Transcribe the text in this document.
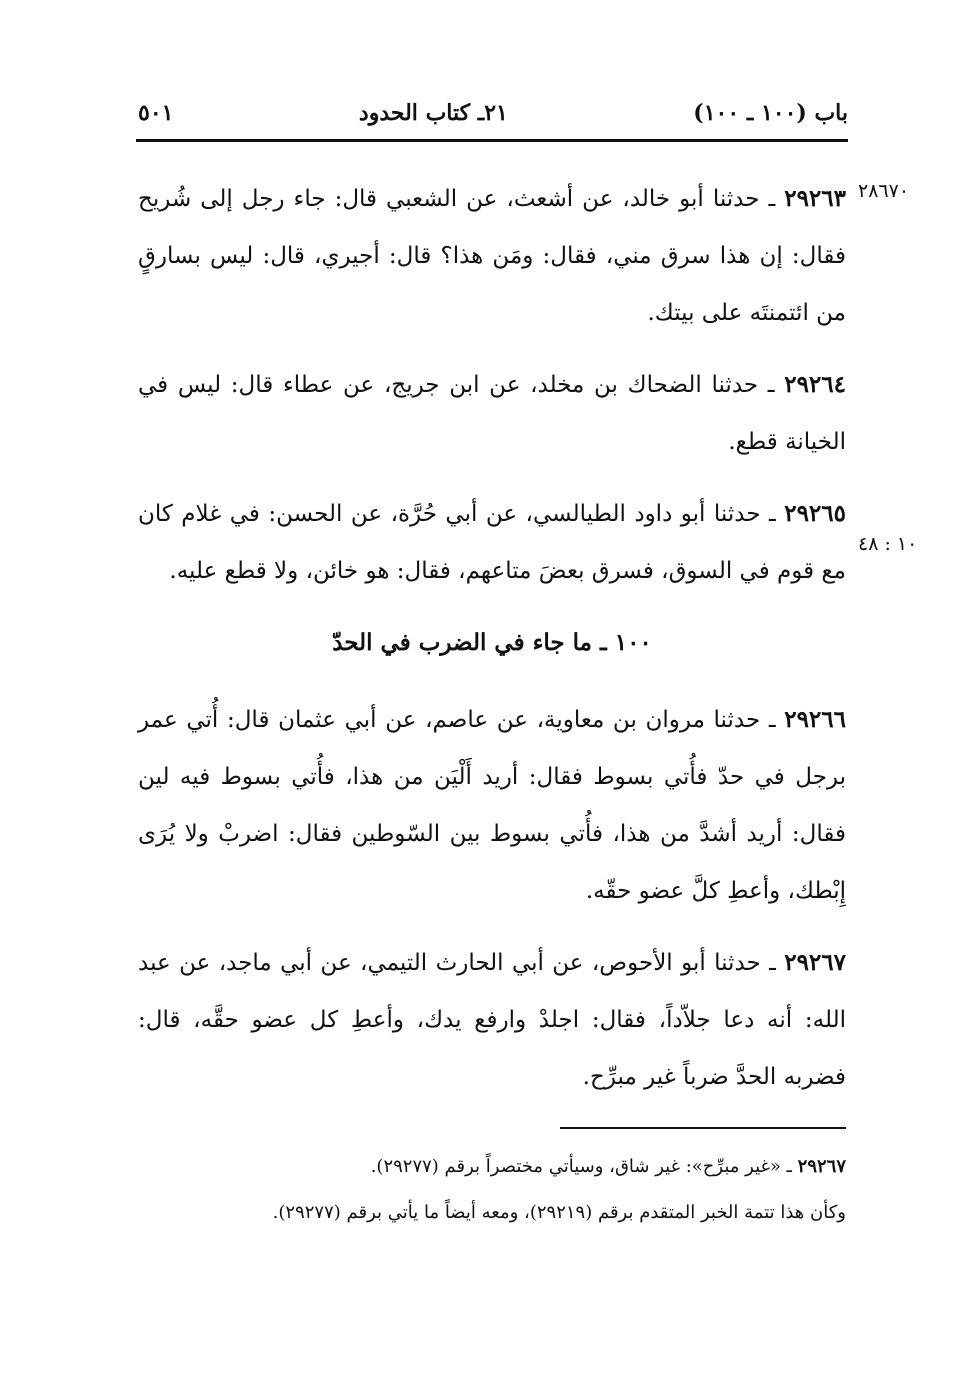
باب (١٠٠ ـ ١٠٠)
٢١ـ كتاب الحدود
٥٠١
٢٨٦٧٠
١٠ : ٤٨

٢٩٢٦٣ ـ حدثنا أبو خالد، عن أشعث، عن الشعبي قال: جاء رجل إلى شُريح فقال: إن هذا سرق مني، فقال: ومَن هذا؟ قال: أجيري، قال: ليس بسارقٍ من ائتمنتَه على بيتك.

٢٩٢٦٤ ـ حدثنا الضحاك بن مخلد، عن ابن جريج، عن عطاء قال: ليس في الخيانة قطع.

٢٩٢٦٥ ـ حدثنا أبو داود الطيالسي، عن أبي حُرَّة، عن الحسن: في غلام كان مع قوم في السوق، فسرق بعضَ متاعهم، فقال: هو خائن، ولا قطع عليه.

١٠٠ ـ ما جاء في الضرب في الحدّ

٢٩٢٦٦ ـ حدثنا مروان بن معاوية، عن عاصم، عن أبي عثمان قال: أُتي عمر برجل في حدّ فأُتي بسوط فقال: أريد أَلْيَن من هذا، فأُتي بسوط فيه لين فقال: أريد أشدَّ من هذا، فأُتي بسوط بين السّوطين فقال: اضربْ ولا يُرَى إِبْطك، وأعطِ كلَّ عضو حقّه.

٢٩٢٦٧ ـ حدثنا أبو الأحوص، عن أبي الحارث التيمي، عن أبي ماجد، عن عبد الله: أنه دعا جلاّداً، فقال: اجلدْ وارفع يدك، وأعطِ كل عضو حقَّه، قال: فضربه الحدَّ ضرباً غير مبرِّح.

٢٩٢٦٧ ـ «غير مبرِّح»: غير شاق، وسيأتي مختصراً برقم (٢٩٢٧٧).

وكأن هذا تتمة الخبر المتقدم برقم (٢٩٢١٩)، ومعه أيضاً ما يأتي برقم (٢٩٢٧٧).
